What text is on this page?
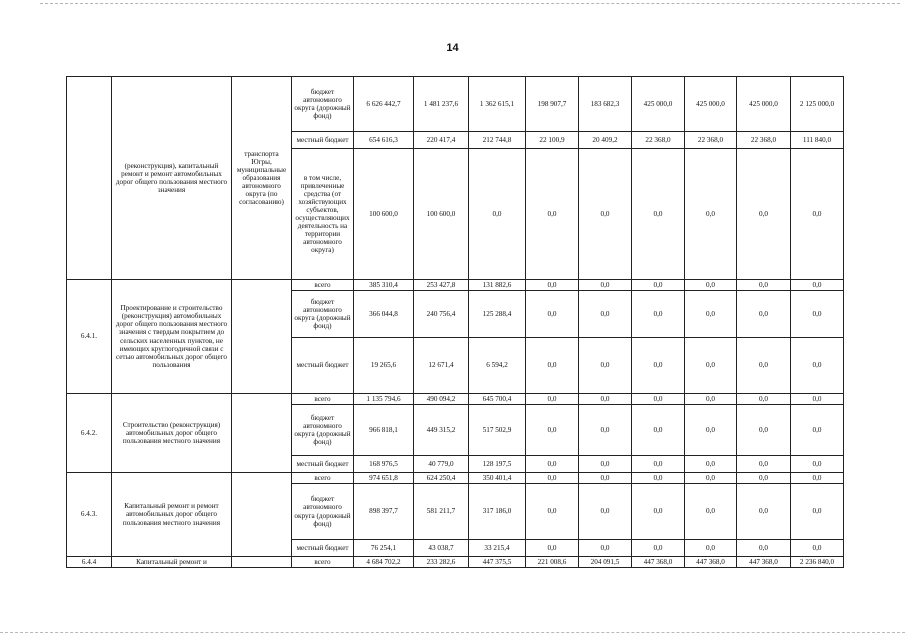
14
	(реконструкция), капитальный ремонт и ремонт автомобильных дорог общего пользования местного значения	транспорта Югры, муниципальные образования автономного округа (по согласованию)	бюджет автономного округа (дорожный фонд)	6 626 442,7	1 481 237,6	1 362 615,1	198 907,7	183 682,3	425 000,0	425 000,0	425 000,0	2 125 000,0
			местный бюджет	654 616,3	220 417,4	212 744,8	22 100,9	20 409,2	22 368,0	22 368,0	22 368,0	111 840,0
			в том числе, привлеченные средства (от хозяйствующих субъектов, осуществляющих деятельность на территории автономного округа)	100 600,0	100 600,0	0,0	0,0	0,0	0,0	0,0	0,0	0,0
6.4.1.	Проектирование и строительство (реконструкция) автомобильных дорог общего пользования местного значения с твердым покрытием до сельских населенных пунктов, не имеющих круглогодичной связи с сетью автомобильных дорог общего пользования		всего	385 310,4	253 427,8	131 882,6	0,0	0,0	0,0	0,0	0,0	0,0
			бюджет автономного округа (дорожный фонд)	366 044,8	240 756,4	125 288,4	0,0	0,0	0,0	0,0	0,0	0,0
			местный бюджет	19 265,6	12 671,4	6 594,2	0,0	0,0	0,0	0,0	0,0	0,0
6.4.2.	Строительство (реконструкция) автомобильных дорог общего пользования местного значения		всего	1 135 794,6	490 094,2	645 700,4	0,0	0,0	0,0	0,0	0,0	0,0
			бюджет автономного округа (дорожный фонд)	966 818,1	449 315,2	517 502,9	0,0	0,0	0,0	0,0	0,0	0,0
			местный бюджет	168 976,5	40 779,0	128 197,5	0,0	0,0	0,0	0,0	0,0	0,0
6.4.3.	Капитальный ремонт и ремонт автомобильных дорог общего пользования местного значения		всего	974 651,8	624 250,4	350 401,4	0,0	0,0	0,0	0,0	0,0	0,0
			бюджет автономного округа (дорожный фонд)	898 397,7	581 211,7	317 186,0	0,0	0,0	0,0	0,0	0,0	0,0
			местный бюджет	76 254,1	43 038,7	33 215,4	0,0	0,0	0,0	0,0	0,0	0,0
6.4.4	Капитальный ремонт и		всего	4 684 702,2	233 282,6	447 375,5	221 008,6	204 091,5	447 368,0	447 368,0	447 368,0	2 236 840,0
